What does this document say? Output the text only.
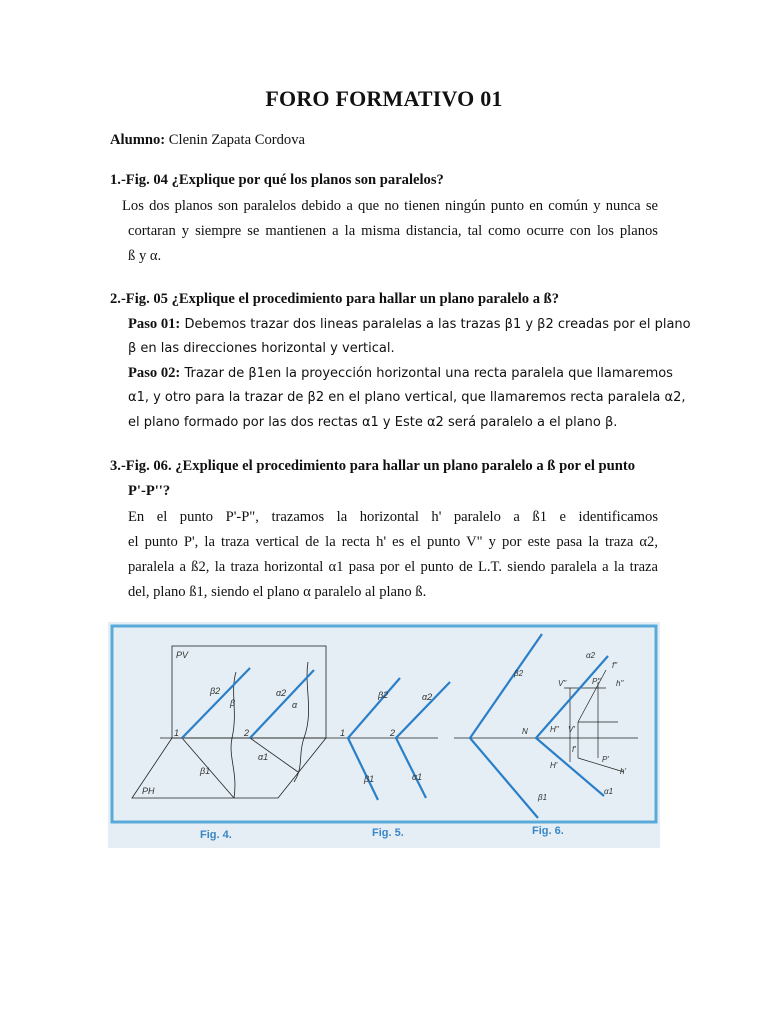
FORO FORMATIVO 01
Alumno: Clenin Zapata Cordova
1.-Fig. 04 ¿Explique por qué los planos son paralelos?
Los dos planos son paralelos debido a que no tienen ningún punto en común y nunca se
cortaran y siempre se mantienen a la misma distancia, tal como ocurre con los planos
ß y α.
2.-Fig. 05 ¿Explique el procedimiento para hallar un plano paralelo a ß?
Paso 01: Debemos trazar dos lineas paralelas a las trazas β1 y β2 creadas por el plano
β en las direcciones horizontal y vertical.
Paso 02: Trazar de β1en la proyección horizontal una recta paralela que llamaremos
α1, y otro para la trazar de β2 en el plano vertical, que llamaremos recta paralela α2,
el plano formado por las dos rectas α1 y Este α2 será paralelo a el plano β.
3.-Fig. 06. ¿Explique el procedimiento para hallar un plano paralelo a ß por el punto
P'-P''?
En el punto P'-P", trazamos la horizontal h' paralelo a ß1 e identificamos
el punto P', la traza vertical de la recta h' es el punto V" y por este pasa la traza α2,
paralela a ß2, la traza horizontal α1 pasa por el punto de L.T. siendo paralela a la traza
del, plano ß1, siendo el plano α paralelo al plano ß.
PV
PH
1	2
β2
β
β1
α2
α
α1
1	2
β2	α2
β1	α1
β2
α2
f"
V"	P" h"
N	H" V'
H'
f'
P'
h'
β1
α1
Fig. 4.	Fig. 5.	Fig. 6.
